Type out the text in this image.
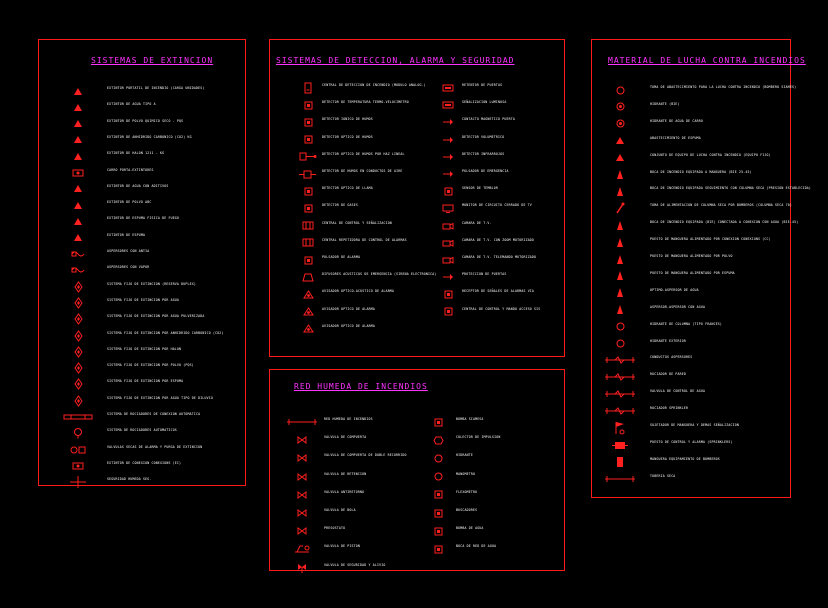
SISTEMAS DE EXTINCION
EXTINTOR PORTATIL DE INCENDIO (CARGA UNIDADES)
EXTINTOR DE AGUA TIPO A
EXTINTOR DE POLVO QUIMICO SECO - PQS
EXTINTOR DE ANHIDRIDO CARBONICO (CO2) KG
EXTINTOR DE HALON 1211 - KG
CARRO PORTA-EXTINTORES
EXTINTOR DE AGUA CON ADITIVOS
EXTINTOR DE POLVO ABC
EXTINTOR DE ESPUMA FISICA DE FUEGO
EXTINTOR DE ESPUMA
ASPERSORES CON ANTIA
ASPERSORES CON VAPOR
SISTEMA FIJO DE EXTINCION (RESERVA DUPLEX)
SISTEMA FIJO DE EXTINCION POR AGUA
SISTEMA FIJO DE EXTINCION POR AGUA PULVERIZADA
SISTEMA FIJO DE EXTINCION POR ANHIDRIDO CARBONICO (CO2)
SISTEMA FIJO DE EXTINCION POR HALON
SISTEMA FIJO DE EXTINCION POR POLVO (PQS)
SISTEMA FIJO DE EXTINCION POR ESPUMA
SISTEMA FIJO DE EXTINCION POR AGUA TIPO DE DILUVIO
SISTEMA DE ROCIADORES DE CONEXION AUTOMATICA
SISTEMA DE ROCIADORES AUTOMATICOS
VALVULAS SECAS DE ALARMA Y PURGA DE EXTINCION
EXTINTOR DE CONEXION CONEXIONS (EC)
SEGURIDAD HUMEDA SEG.
SISTEMAS DE DETECCION, ALARMA Y SEGURIDAD
CENTRAL DE DETECCION DE INCENDIO (MODULO ANALOG.)
DETECTOR DE TEMPERATURA TERMO-VELOCIMETRO
DETECTOR IONICO DE HUMOS
DETECTOR OPTICO DE HUMOS
DETECTOR OPTICO DE HUMOS POR HAZ LINEAL
DETECTOR DE HUMOS EN CONDUCTOS DE AIRE
DETECTOR OPTICO DE LLAMA
DETECTOR DE GASES
CENTRAL DE CONTROL Y SEÑALIZACION
CENTRAL REPETIDORA DE CONTROL DE ALARMAS
PULSADOR DE ALARMA
DIFUSORES ACUSTICOS DE EMERGENCIA (SIRENA ELECTRONICA)
AVISADOR OPTICO-ACUSTICO DE ALARMA
AVISADOR OPTICO DE ALARMA
AVISADOR OPTICO DE ALARMA
RETENTOR DE PUERTAS
SEÑALIZACION LUMINOSA
CONTACTO MAGNETICO PUERTA
DETECTOR VOLUMETRICO
DETECTOR INFRARROJOS
PULSADOR DE EMERGENCIA
SENSOR DE TEMBLOR
MONITOR DE CIRCUITO CERRADO DE TV
CAMARA DE T.V.
CAMARA DE T.V. CON ZOOM MOTORIZADO
CAMARA DE T.V. TELEMANDO MOTORIZADO
PROTECCION DE PUERTAS
RECEPTOR DE SEÑALES DE ALARMAS VIA
CENTRAL DE CONTROL Y MANDO ACCESO SIS
RED HUMEDA DE INCENDIOS
RED HUMEDA DE INCENDIOS
VALVULA DE COMPUERTA
VALVULA DE COMPUERTA DE DOBLE RECORRIDO
VALVULA DE RETENCION
VALVULA ANTIRETORNO
VALVULA DE BOLA
PRESOSTATO
VALVULA DE PISTON
VALVULA DE SEGURIDAD Y ALIVIO
BOMBA SIAMESA
COLECTOR DE IMPULSION
HIDRANTE
MANOMETRO
FLEXOMETRO
BUSCADORES
BOMBA DE AGUA
BOCA DE RED DE AGUA
MATERIAL DE LUCHA CONTRA INCENDIOS
TOMA DE ABASTECIMIENTO PARA LA LUCHA CONTRA INCENDIO (BOMBERO SIAMES)
HIDRANTE (BIE)
HIDRANTE DE AGUA DE CARRO
ABASTECIMIENTO DE ESPUMA
CONJUNTO DE EQUIPO DE LUCHA CONTRA INCENDIO (EQUIPO FIJO)
BOCA DE INCENDIO EQUIPADA A MANGUERA (BIE 25-45)
BOCA DE INCENDIO EQUIPADA SEGUIMIENTO CON COLUMNA SECA (PRESION ESTABLECIDA)
TOMA DE ALIMENTACION DE COLUMNA SECA POR BOMBEROS (COLUMNA SECA 70)
BOCA DE INCENDIO EQUIPADA (BIE) CONECTADA A CONEXION CON AGUA (BIE-45)
PUESTO DE MANGUERA ALIMENTADO POR CONEXION CONEXIONS (CC)
PUESTO DE MANGUERA ALIMENTADO POR POLVO
PUESTO DE MANGUERA ALIMENTADO POR ESPUMA
OPTIMO-ASPERSOR DE AGUA
ASPERSOR-ASPERSOR CON AGUA
HIDRANTE DE COLUMNA (TIPO FRANCES)
HIDRANTE EXTERIOR
CONDUCTOS ASPERSORES
ROCIADOR DE PARED
VALVULA DE CONTROL DE AGUA
ROCIADOR SPRINKLER
SUJETADOR DE MANGUERA Y DEMAS SEÑALIZACION
PUESTO DE CONTROL Y ALARMA (SPRINKLERS)
MANGUERA EQUIPAMIENTO DE BOMBEROS
TUBERIA SECA
